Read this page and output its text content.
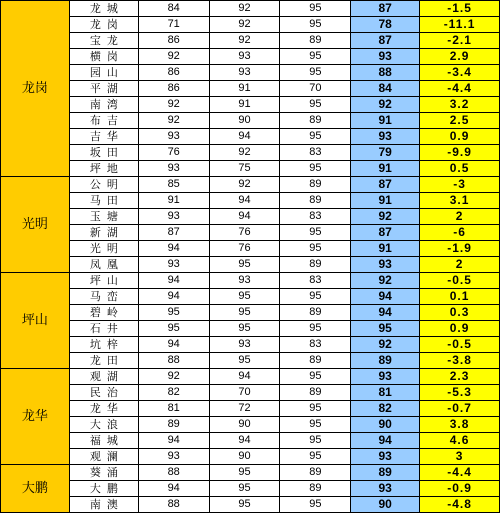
龙岗	龙城	84	92	95	87	-1.5
	龙岗	71	92	95	78	-11.1
	宝龙	86	92	89	87	-2.1
	横岗	92	93	95	93	2.9
	园山	86	93	95	88	-3.4
	平湖	86	91	70	84	-4.4
	南湾	92	91	95	92	3.2
	布吉	92	90	89	91	2.5
	吉华	93	94	95	93	0.9
	坂田	76	92	83	79	-9.9
	坪地	93	75	95	91	0.5
光明	公明	85	92	89	87	-3
	马田	91	94	89	91	3.1
	玉塘	93	94	83	92	2
	新湖	87	76	95	87	-6
	光明	94	76	95	91	-1.9
	凤凰	93	95	89	93	2
坪山	坪山	94	93	83	92	-0.5
	马峦	94	95	95	94	0.1
	碧岭	95	95	89	94	0.3
	石井	95	95	95	95	0.9
	坑梓	94	93	83	92	-0.5
	龙田	88	95	89	89	-3.8
龙华	观湖	92	94	95	93	2.3
	民治	82	70	89	81	-5.3
	龙华	81	72	95	82	-0.7
	大浪	89	90	95	90	3.8
	福城	94	94	95	94	4.6
	观澜	93	90	95	93	3
大鹏	葵涌	88	95	89	89	-4.4
	大鹏	94	95	89	93	-0.9
	南澳	88	95	95	90	-4.8
